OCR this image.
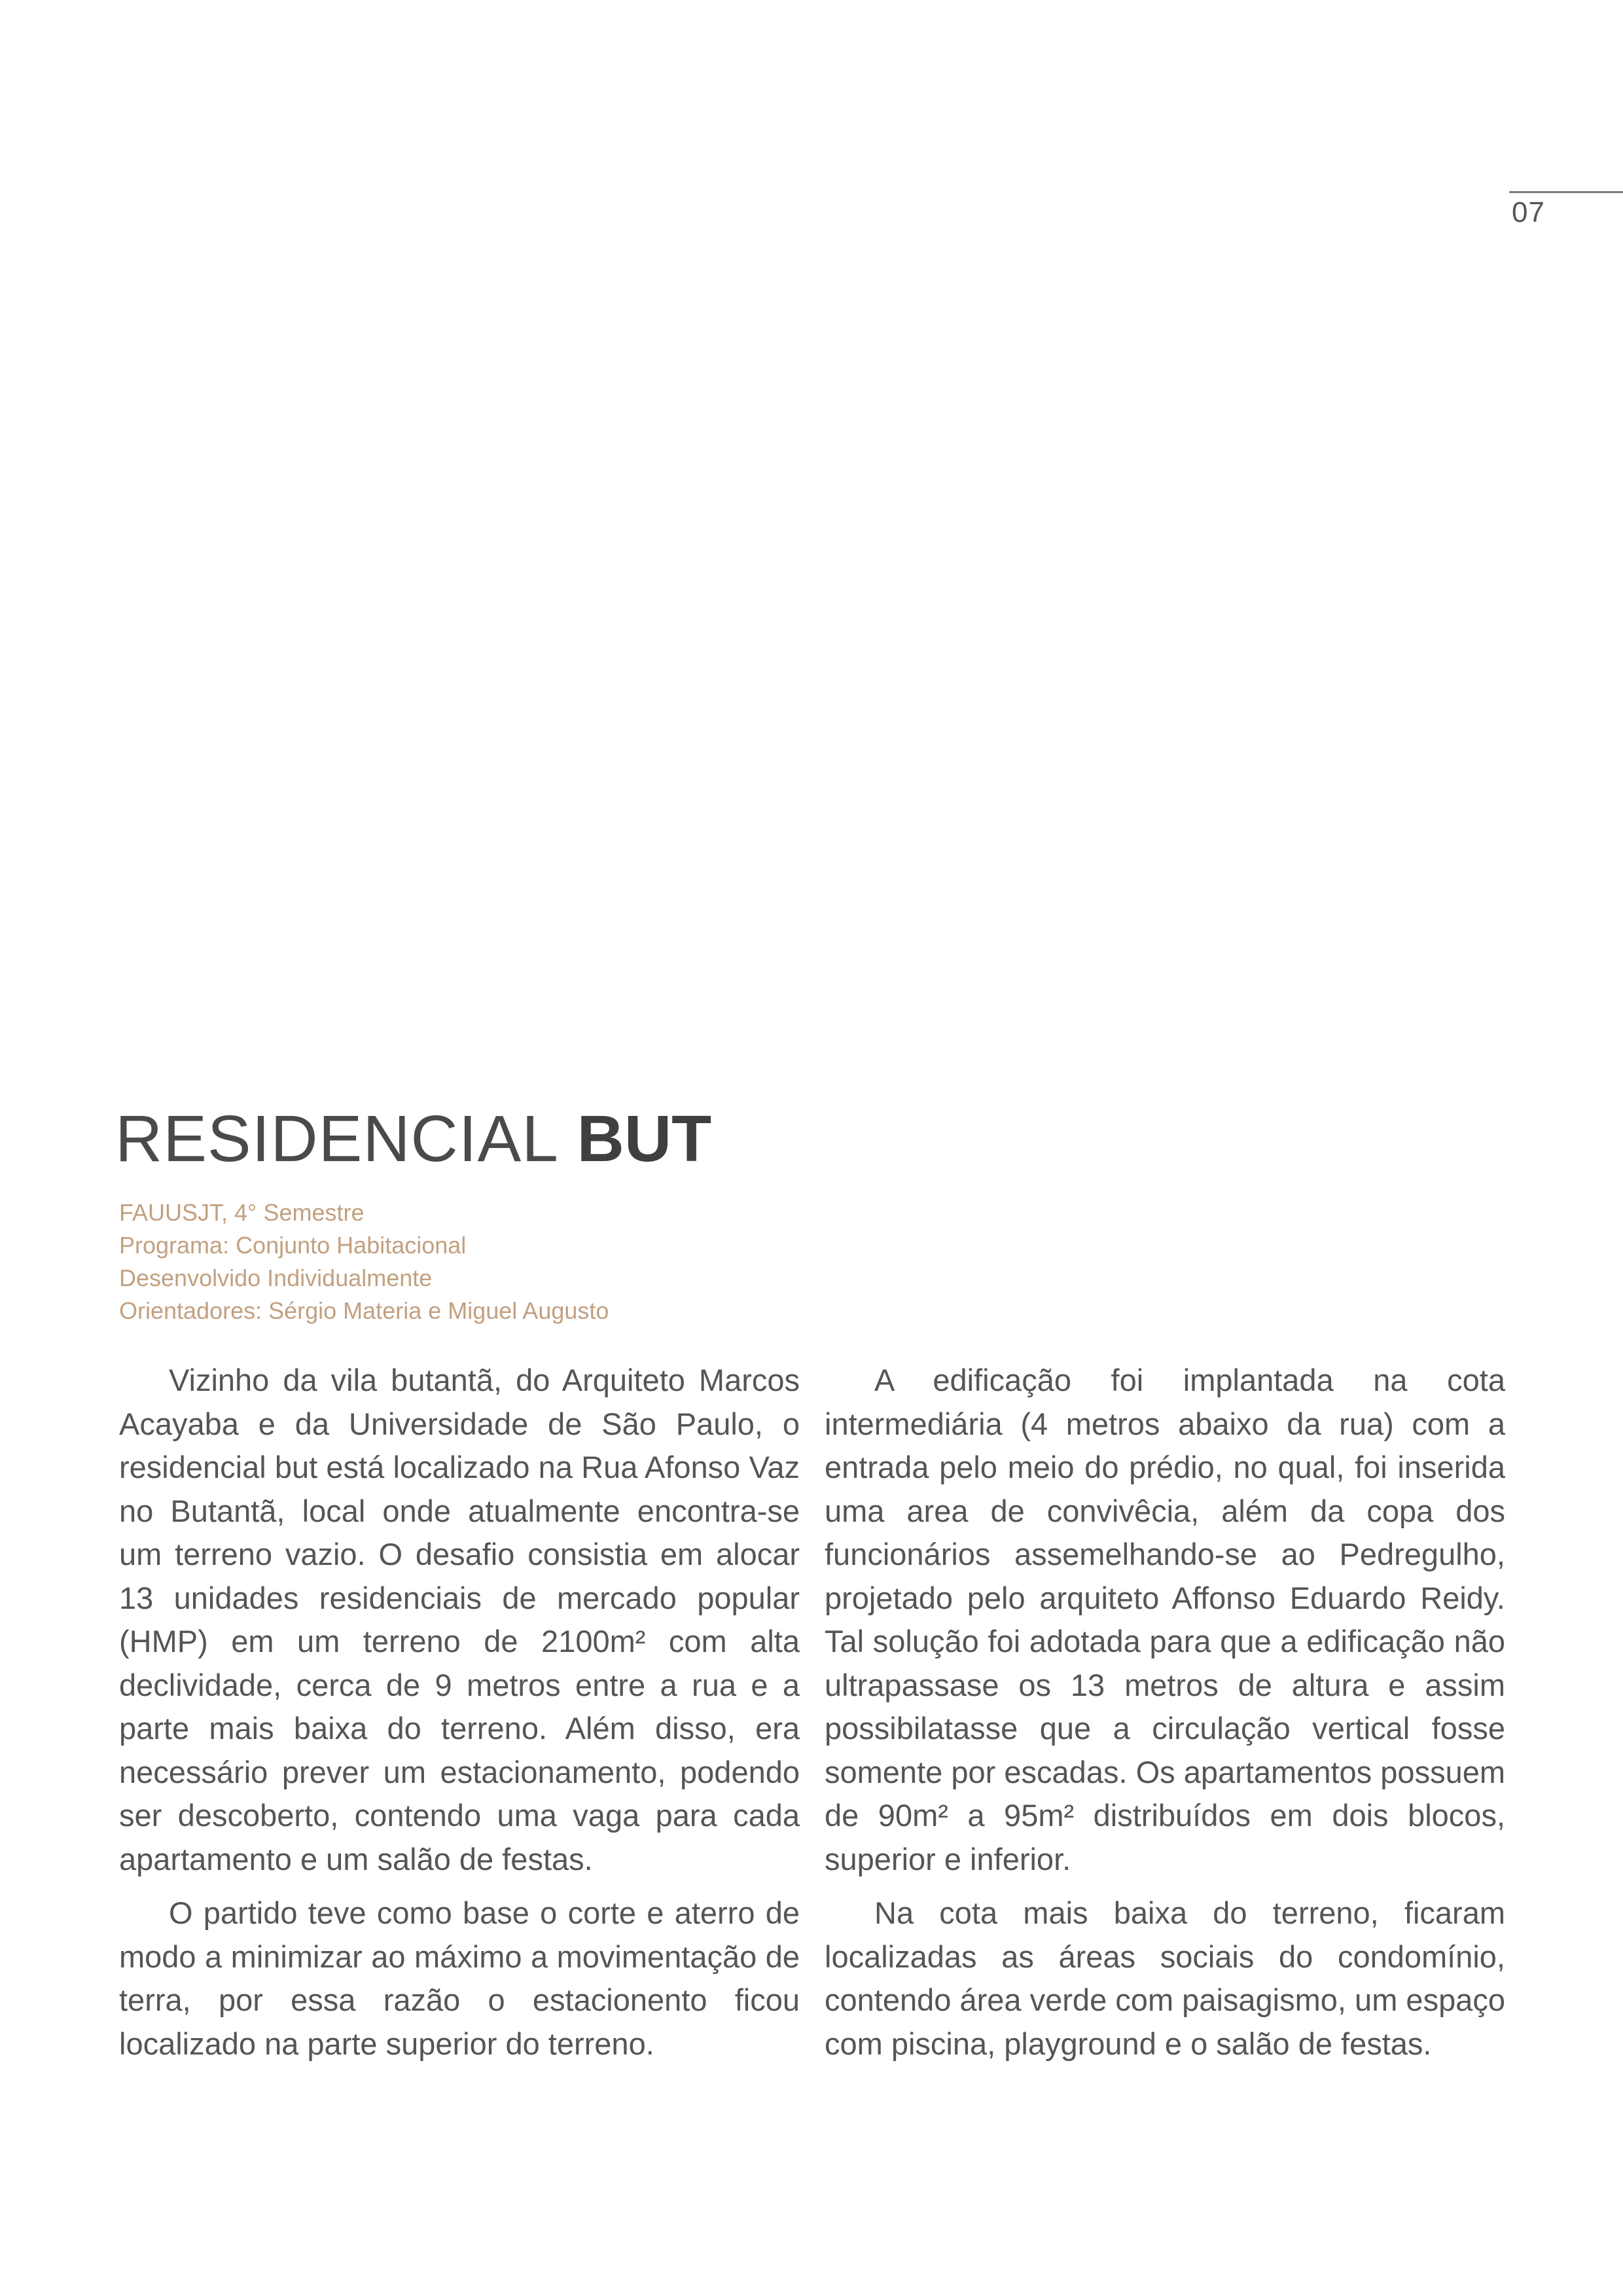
07
RESIDENCIAL BUT
FAUUSJT, 4° Semestre
Programa: Conjunto Habitacional
Desenvolvido Individualmente
Orientadores: Sérgio Materia e Miguel Augusto

Vizinho da vila butantã, do Arquiteto Marcos Acayaba e da Universidade de São Paulo, o residencial but está localizado na Rua Afonso Vaz no Butantã, local onde atualmente encontra-se um terreno vazio. O desafio consistia em alocar 13 unidades residenciais de mercado popular (HMP) em um terreno de 2100m² com alta declividade, cerca de 9 metros entre a rua e a parte mais baixa do terreno. Além disso, era necessário prever um estacionamento, podendo ser descoberto, contendo uma vaga para cada apartamento e um salão de festas.

O partido teve como base o corte e aterro de modo a minimizar ao máximo a movimentação de terra, por essa razão o estacionento ficou localizado na parte superior do terreno.

A edificação foi implantada na cota intermediária (4 metros abaixo da rua) com a entrada pelo meio do prédio, no qual, foi inserida uma area de convivêcia, além da copa dos funcionários assemelhando-se ao Pedregulho, projetado pelo arquiteto Affonso Eduardo Reidy. Tal solução foi adotada para que a edificação não ultrapassase os 13 metros de altura e assim possibilatasse que a circulação vertical fosse somente por escadas. Os apartamentos possuem de 90m² a 95m² distribuídos em dois blocos, superior e inferior.

Na cota mais baixa do terreno, ficaram localizadas as áreas sociais do condomínio, contendo área verde com paisagismo, um espaço com piscina, playground e o salão de festas.
